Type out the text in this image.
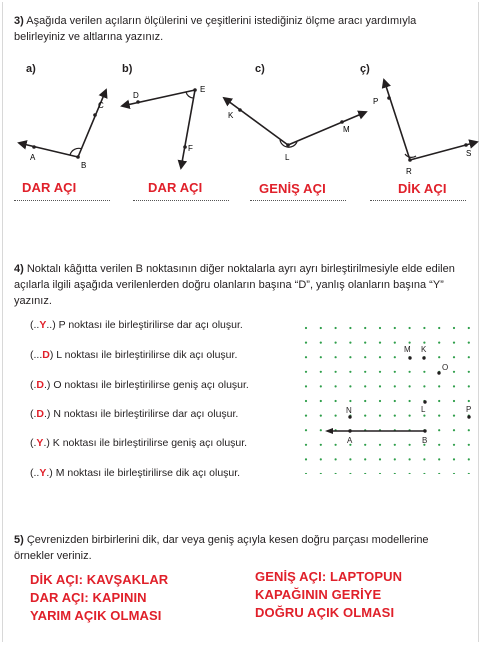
3) Aşağıda verilen açıların ölçülerini ve çeşitlerini istediğiniz ölçme aracı yardımıyla belirleyiniz ve altlarına yazınız.
a)	b)	c)	ç)
A
B
C
D
E
F
K
L
M
P
R
S
DAR AÇI	DAR AÇI	GENİŞ AÇI	DİK AÇI
4) Noktalı kâğıtta verilen B noktasının diğer noktalarla ayrı ayrı birleştirilmesiyle elde edilen açılarla ilgili aşağıda verilenlerden doğru olanların başına “D”, yanlış olanların başına “Y” yazınız.
(..Y..) P noktası ile birleştirilirse dar açı oluşur.
(...D) L noktası ile birleştirilirse dik açı oluşur.
(.D.) O noktası ile birleştirilirse geniş açı oluşur.
(.D.) N noktası ile birleştirilirse dar açı oluşur.
(.Y.) K noktası ile birleştirilirse geniş açı oluşur.
(..Y.) M noktası ile birleştirilirse dik açı oluşur.
M K
O
N	L	P
A	B
5) Çevrenizden birbirlerini dik, dar veya geniş açıyla kesen doğru parçası modellerine örnekler veriniz.
DİK AÇI: KAVŞAKLAR
DAR AÇI: KAPININ
YARIM AÇIK OLMASI
GENİŞ AÇI: LAPTOPUN
KAPAĞININ GERİYE
DOĞRU AÇIK OLMASI
